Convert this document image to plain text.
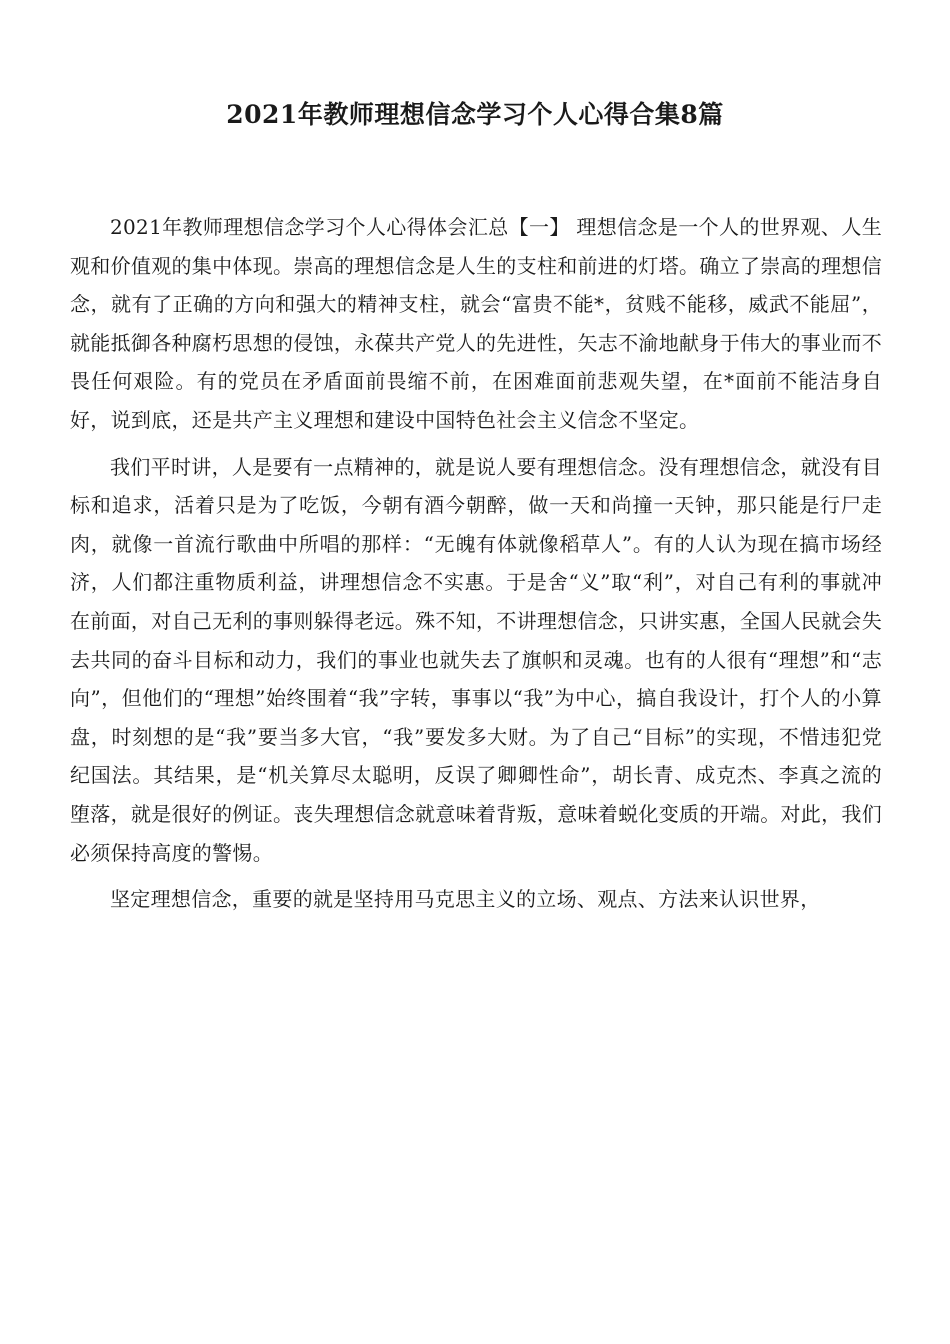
2021年教师理想信念学习个人心得合集8篇

2021年教师理想信念学习个人心得体会汇总【一】 理想信念是一个人的世界观、人生观和价值观的集中体现。崇高的理想信念是人生的支柱和前进的灯塔。确立了崇高的理想信念，就有了正确的方向和强大的精神支柱，就会“富贵不能*，贫贱不能移，威武不能屈”，就能抵御各种腐朽思想的侵蚀，永葆共产党人的先进性，矢志不渝地献身于伟大的事业而不畏任何艰险。有的党员在矛盾面前畏缩不前，在困难面前悲观失望，在*面前不能洁身自好，说到底，还是共产主义理想和建设中国特色社会主义信念不坚定。

我们平时讲，人是要有一点精神的，就是说人要有理想信念。没有理想信念，就没有目标和追求，活着只是为了吃饭，今朝有酒今朝醉，做一天和尚撞一天钟，那只能是行尸走肉，就像一首流行歌曲中所唱的那样：“无魄有体就像稻草人”。有的人认为现在搞市场经济，人们都注重物质利益，讲理想信念不实惠。于是舍“义”取“利”，对自己有利的事就冲在前面，对自己无利的事则躲得老远。殊不知，不讲理想信念，只讲实惠，全国人民就会失去共同的奋斗目标和动力，我们的事业也就失去了旗帜和灵魂。也有的人很有“理想”和“志向”，但他们的“理想”始终围着“我”字转，事事以“我”为中心，搞自我设计，打个人的小算盘，时刻想的是“我”要当多大官，“我”要发多大财。为了自己“目标”的实现，不惜违犯党纪国法。其结果，是“机关算尽太聪明，反误了卿卿性命”，胡长青、成克杰、李真之流的堕落，就是很好的例证。丧失理想信念就意味着背叛，意味着蜕化变质的开端。对此，我们必须保持高度的警惕。

坚定理想信念，重要的就是坚持用马克思主义的立场、观点、方法来认识世界，
